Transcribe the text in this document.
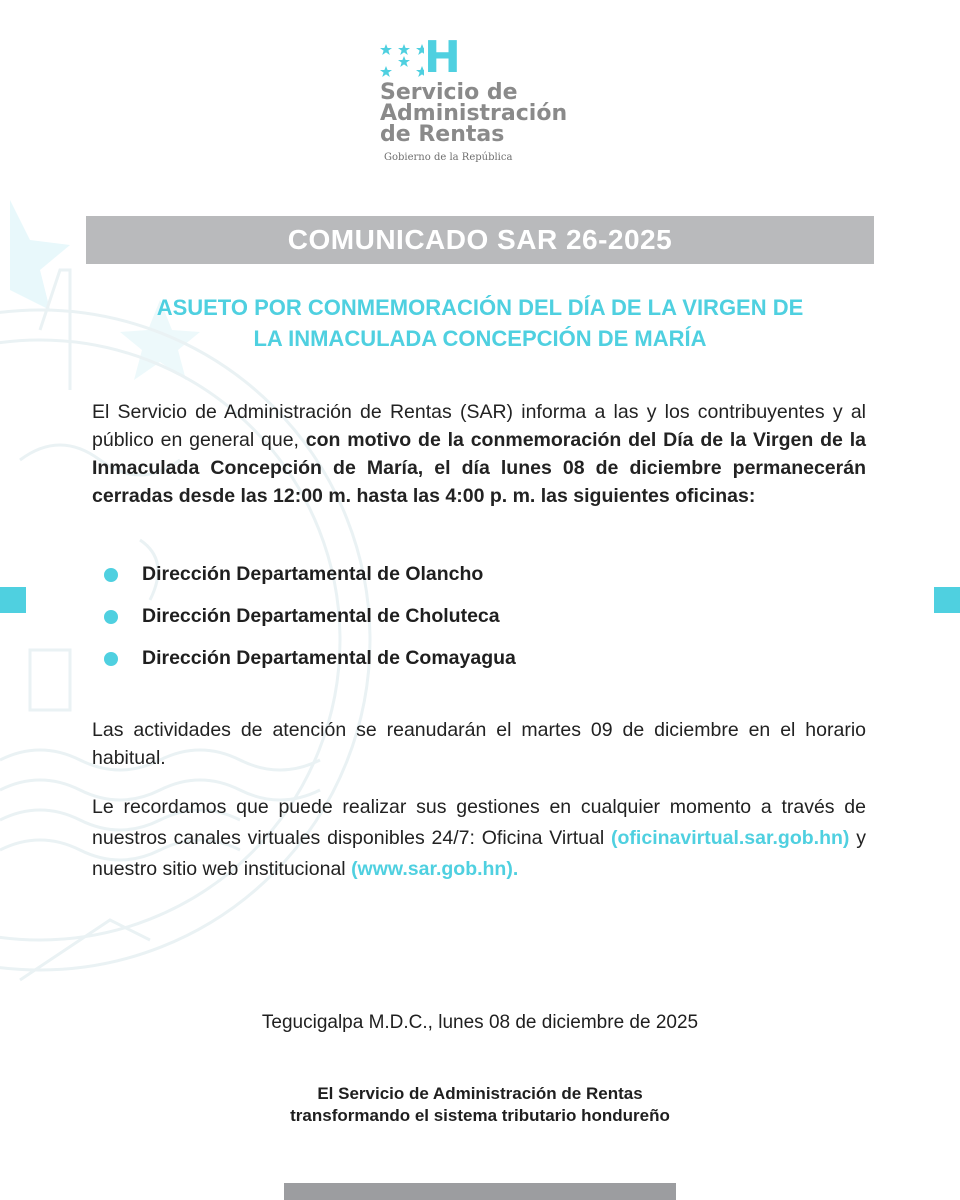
H
Servicio de
Administración
de Rentas
Gobierno de la República
COMUNICADO SAR 26-2025
ASUETO POR CONMEMORACIÓN DEL DÍA DE LA VIRGEN DE
LA INMACULADA CONCEPCIÓN DE MARÍA
El Servicio de Administración de Rentas (SAR) informa a las y los contribuyentes y al público en general que, con motivo de la conmemoración del Día de la Virgen de la Inmaculada Concepción de María, el día lunes 08 de diciembre permanecerán cerradas desde las 12:00 m. hasta las 4:00 p. m. las siguientes oficinas:
Dirección Departamental de Olancho
Dirección Departamental de Choluteca
Dirección Departamental de Comayagua
Las actividades de atención se reanudarán el martes 09 de diciembre en el horario habitual.
Le recordamos que puede realizar sus gestiones en cualquier momento a través de nuestros canales virtuales disponibles 24/7: Oficina Virtual (oficinavirtual.sar.gob.hn) y nuestro sitio web institucional (www.sar.gob.hn).
Tegucigalpa M.D.C., lunes 08 de diciembre de 2025
El Servicio de Administración de Rentas
transformando el sistema tributario hondureño
